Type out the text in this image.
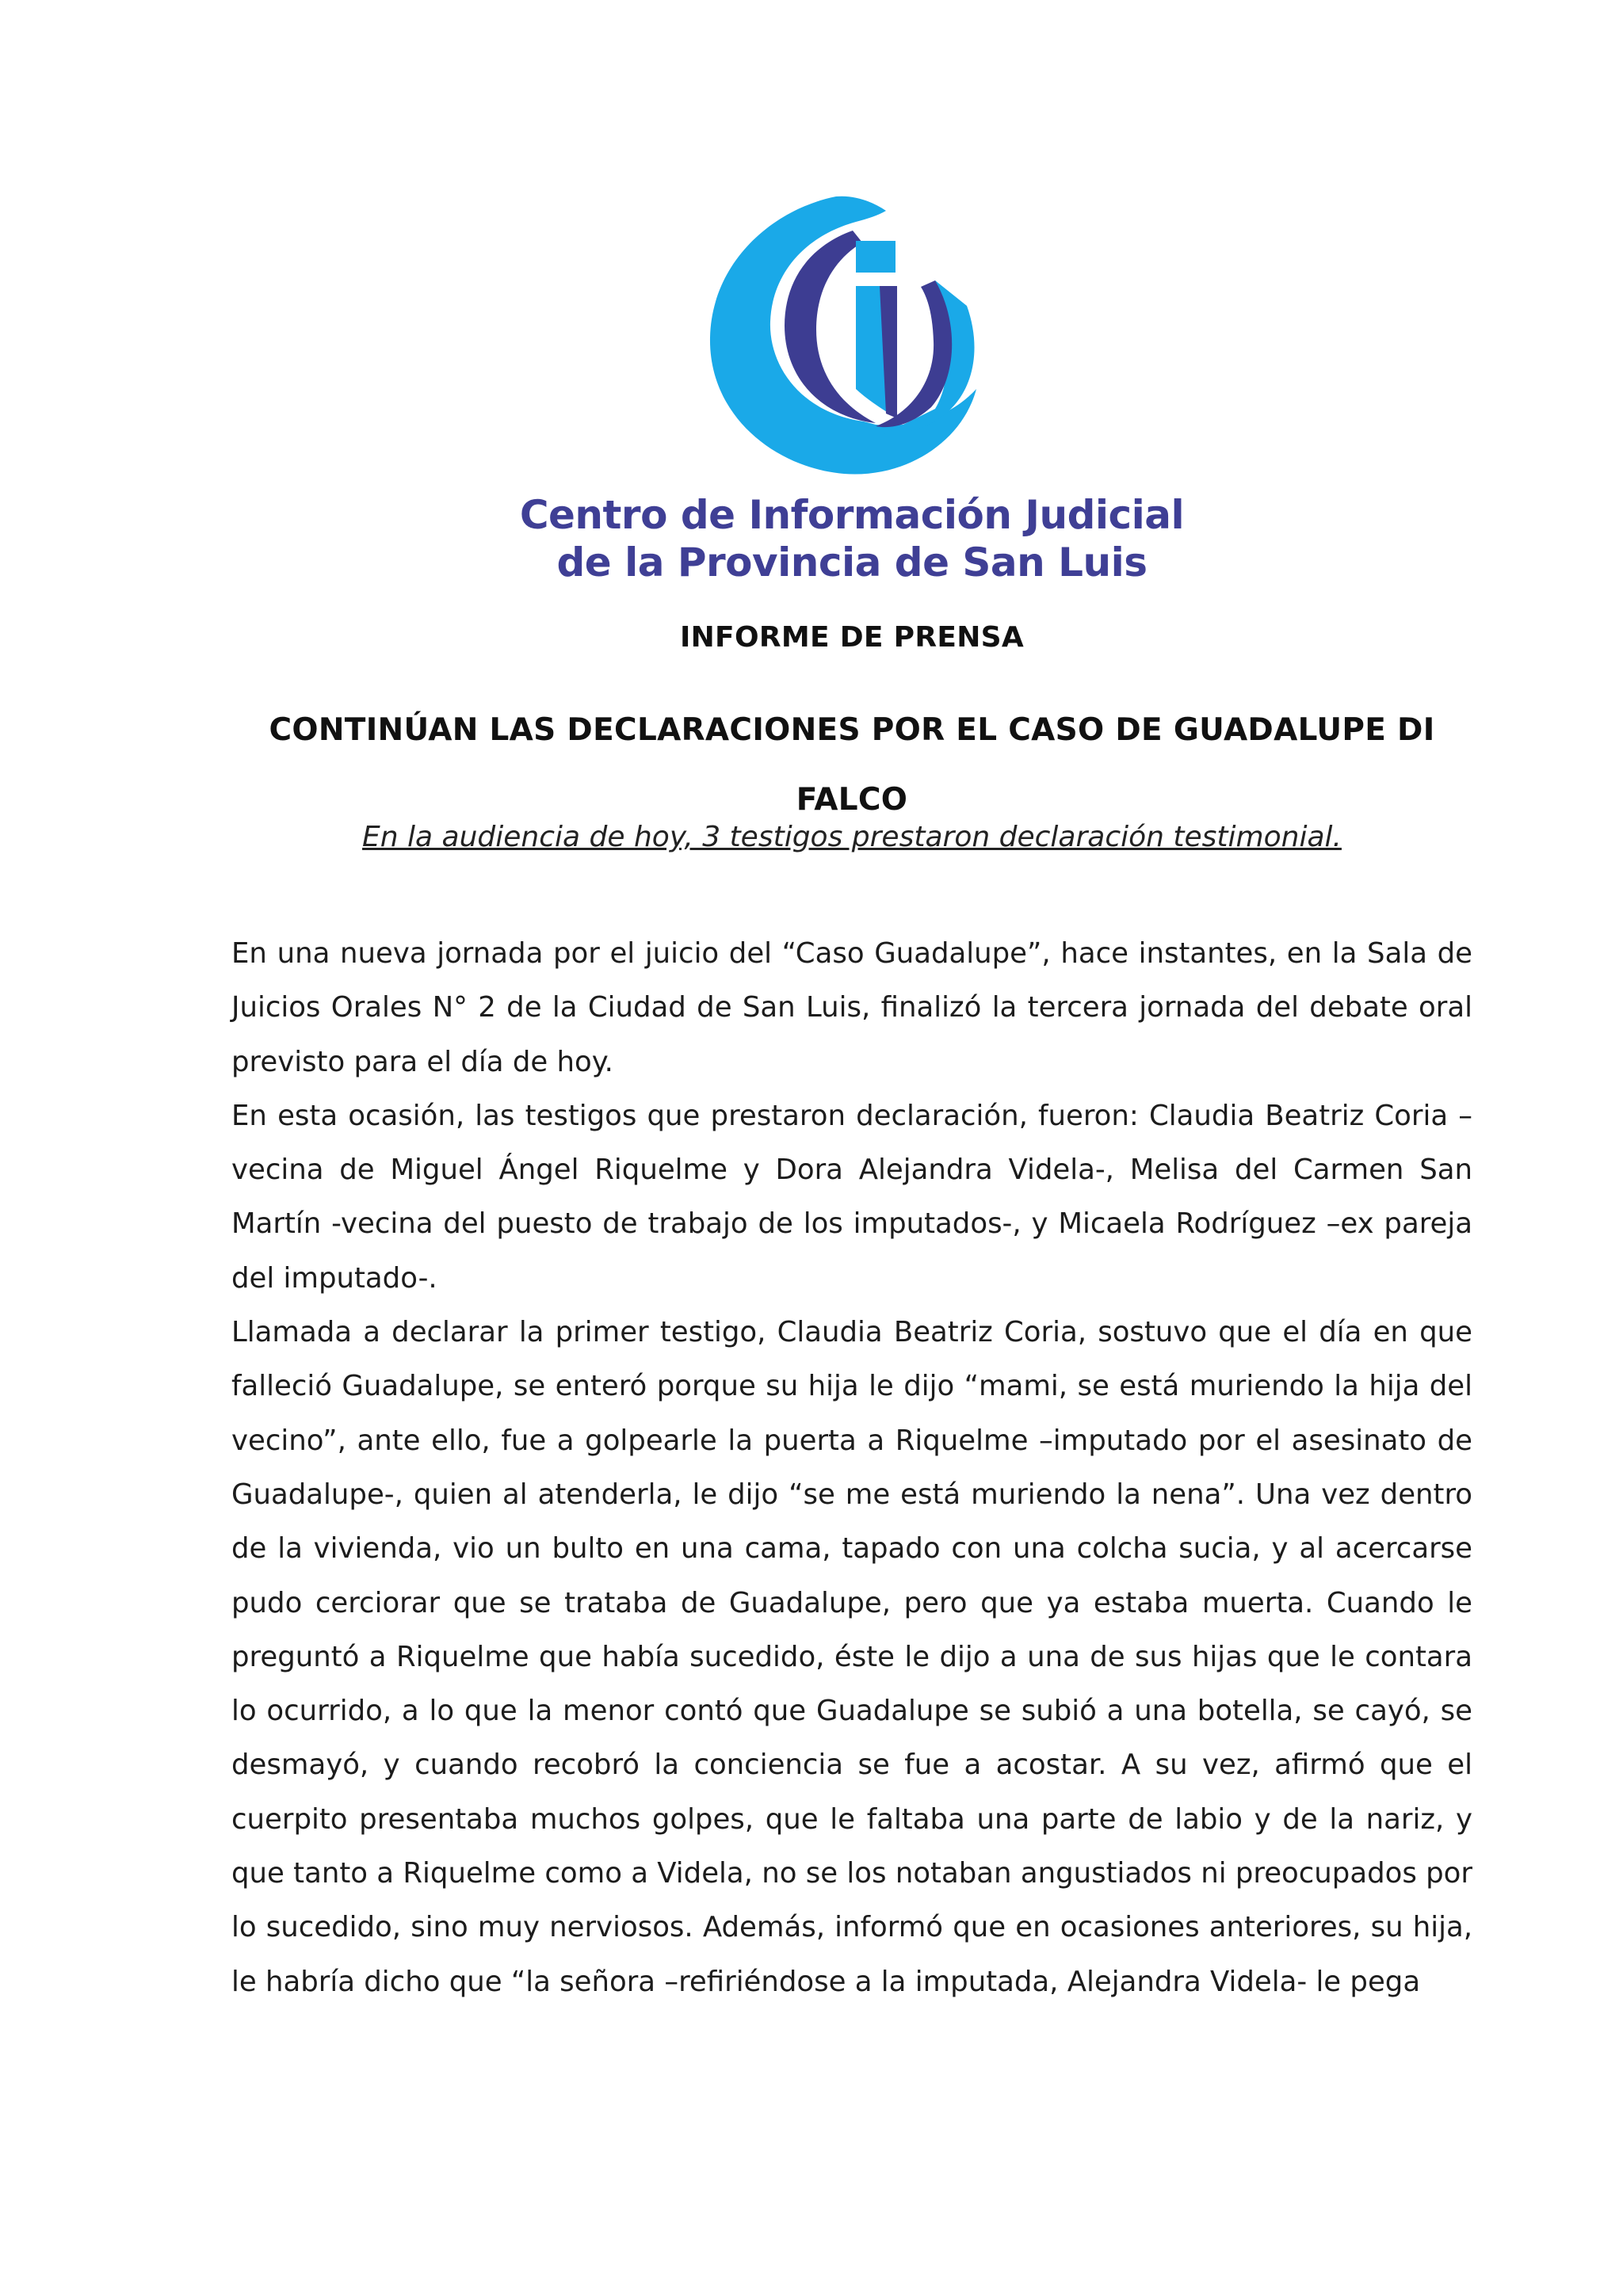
Centro de Información Judicial
de la Provincia de San Luis
INFORME DE PRENSA
CONTINÚAN LAS DECLARACIONES POR EL CASO DE GUADALUPE DI FALCO
En la audiencia de hoy, 3 testigos prestaron declaración testimonial.

En una nueva jornada por el juicio del “Caso Guadalupe”, hace instantes, en la Sala de Juicios Orales N° 2 de la Ciudad de San Luis, finalizó la tercera jornada del debate oral previsto para el día de hoy.

En esta ocasión, las testigos que prestaron declaración, fueron: Claudia Beatriz Coria –vecina de Miguel Ángel Riquelme y Dora Alejandra Videla-, Melisa del Carmen San Martín -vecina del puesto de trabajo de los imputados-, y Micaela Rodríguez –ex pareja del imputado-.

Llamada a declarar la primer testigo, Claudia Beatriz Coria, sostuvo que el día en que falleció Guadalupe, se enteró porque su hija le dijo “mami, se está muriendo la hija del vecino”, ante ello, fue a golpearle la puerta a Riquelme –imputado por el asesinato de Guadalupe-, quien al atenderla, le dijo “se me está muriendo la nena”. Una vez dentro de la vivienda, vio un bulto en una cama, tapado con una colcha sucia, y al acercarse pudo cerciorar que se trataba de Guadalupe, pero que ya estaba muerta. Cuando le preguntó a Riquelme que había sucedido, éste le dijo a una de sus hijas que le contara lo ocurrido, a lo que la menor contó que Guadalupe se subió a una botella, se cayó, se desmayó, y cuando recobró la conciencia se fue a acostar. A su vez, afirmó que el cuerpito presentaba muchos golpes, que le faltaba una parte de labio y de la nariz, y que tanto a Riquelme como a Videla, no se los notaban angustiados ni preocupados por lo sucedido, sino muy nerviosos. Además, informó que en ocasiones anteriores, su hija, le habría dicho que “la señora –refiriéndose a la imputada, Alejandra Videla- le pega
